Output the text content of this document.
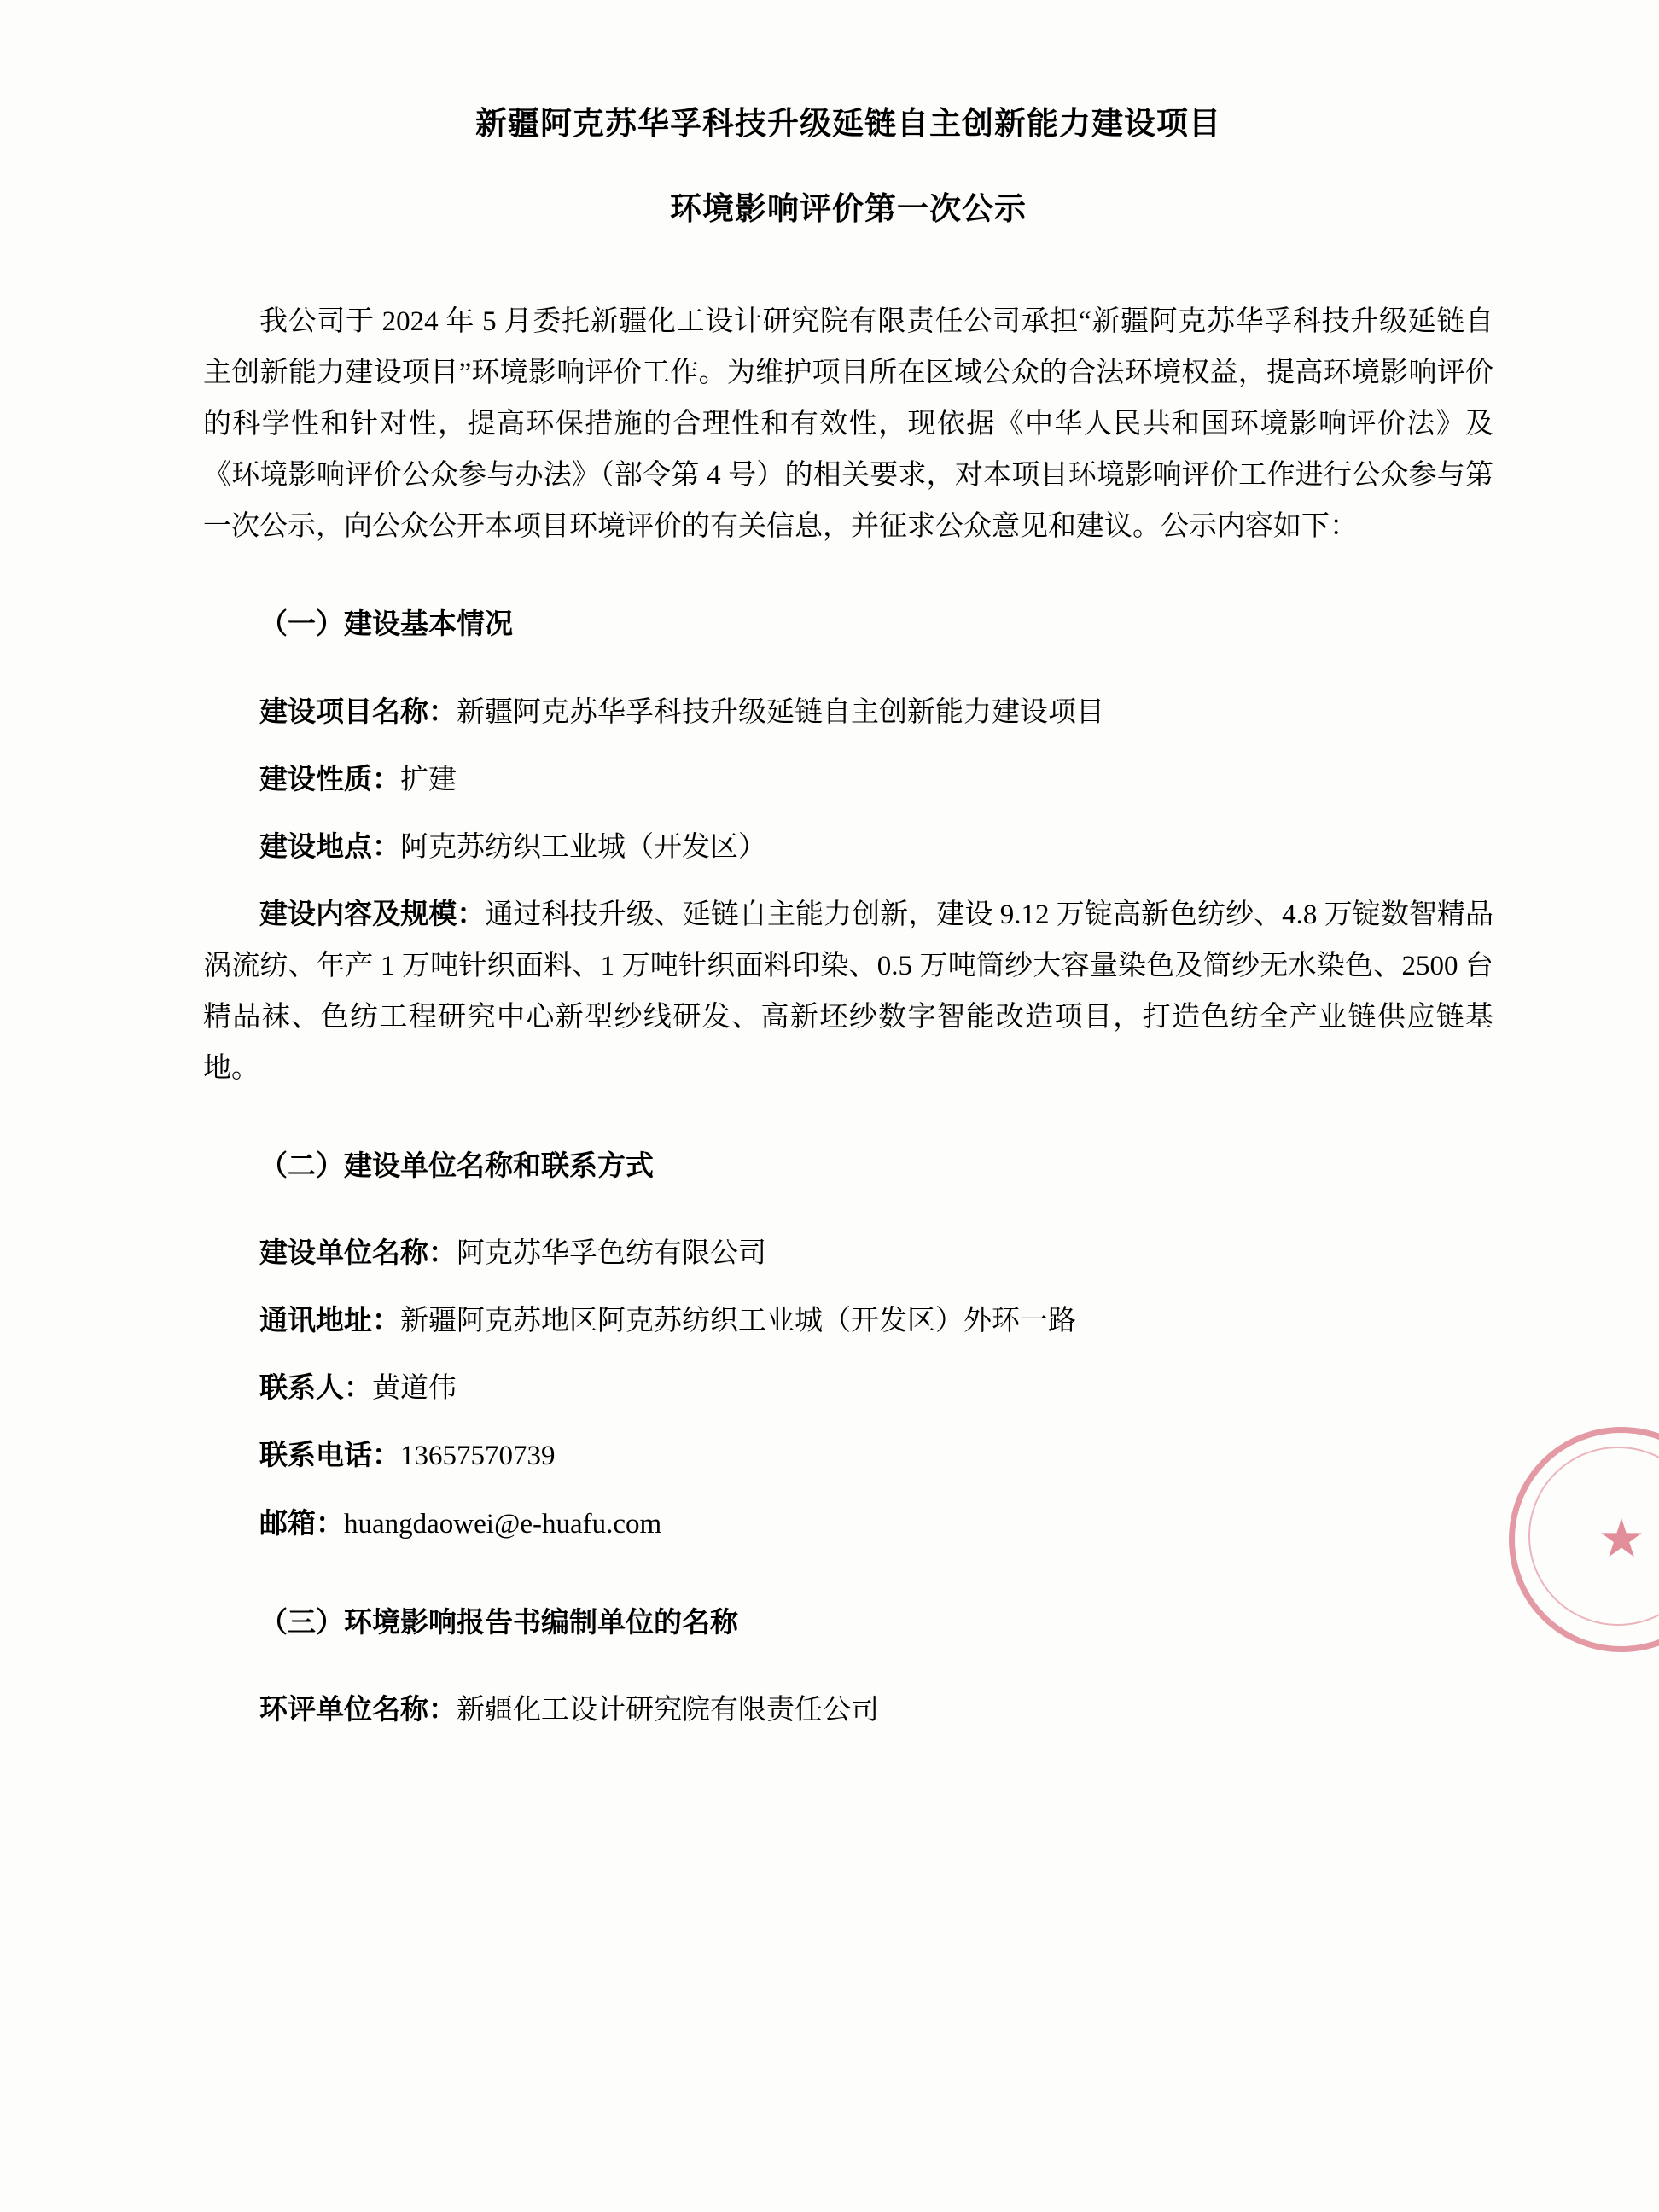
新疆阿克苏华孚科技升级延链自主创新能力建设项目
环境影响评价第一次公示

我公司于 2024 年 5 月委托新疆化工设计研究院有限责任公司承担“新疆阿克苏华孚科技升级延链自主创新能力建设项目”环境影响评价工作。为维护项目所在区域公众的合法环境权益，提高环境影响评价的科学性和针对性，提高环保措施的合理性和有效性，现依据《中华人民共和国环境影响评价法》及《环境影响评价公众参与办法》（部令第 4 号）的相关要求，对本项目环境影响评价工作进行公众参与第一次公示，向公众公开本项目环境评价的有关信息，并征求公众意见和建议。公示内容如下：

（一）建设基本情况
建设项目名称：新疆阿克苏华孚科技升级延链自主创新能力建设项目
建设性质：扩建
建设地点：阿克苏纺织工业城（开发区）

建设内容及规模：通过科技升级、延链自主能力创新，建设 9.12 万锭高新色纺纱、4.8 万锭数智精品涡流纺、年产 1 万吨针织面料、1 万吨针织面料印染、0.5 万吨筒纱大容量染色及简纱无水染色、2500 台精品袜、色纺工程研究中心新型纱线研发、高新坯纱数字智能改造项目，打造色纺全产业链供应链基地。

（二）建设单位名称和联系方式
建设单位名称：阿克苏华孚色纺有限公司
通讯地址：新疆阿克苏地区阿克苏纺织工业城（开发区）外环一路
联系人：黄道伟
联系电话：13657570739
邮箱：huangdaowei@e-huafu.com
（三）环境影响报告书编制单位的名称
环评单位名称：新疆化工设计研究院有限责任公司
★
